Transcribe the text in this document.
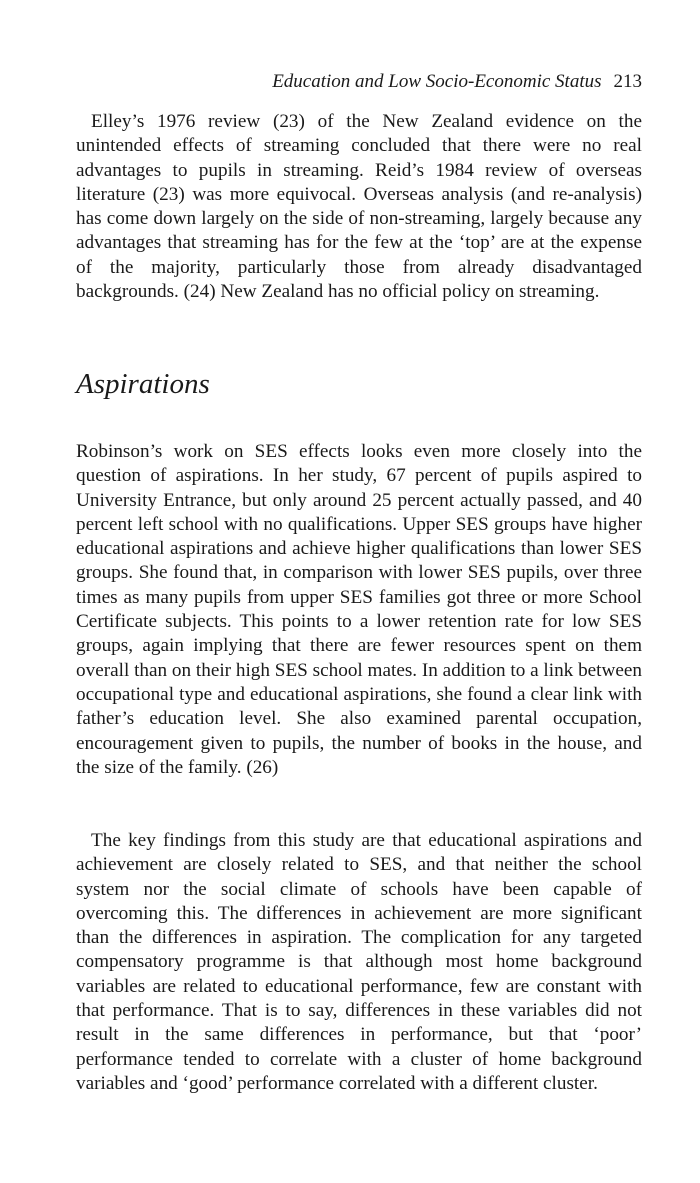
Education and Low Socio-Economic Status 213

Elley’s 1976 review (23) of the New Zealand evidence on the unintended effects of streaming concluded that there were no real advantages to pupils in streaming. Reid’s 1984 review of overseas literature (23) was more equivocal. Overseas analysis (and re-analysis) has come down largely on the side of non-streaming, largely because any advantages that streaming has for the few at the ‘top’ are at the expense of the majority, particularly those from already disadvantaged backgrounds. (24) New Zealand has no official policy on streaming.

Aspirations

Robinson’s work on SES effects looks even more closely into the question of aspirations. In her study, 67 percent of pupils aspired to University Entrance, but only around 25 percent actually passed, and 40 percent left school with no qualifications. Upper SES groups have higher educational aspirations and achieve higher qualifications than lower SES groups. She found that, in comparison with lower SES pupils, over three times as many pupils from upper SES families got three or more School Certificate subjects. This points to a lower retention rate for low SES groups, again implying that there are fewer resources spent on them overall than on their high SES school mates. In addition to a link between occupational type and educational aspirations, she found a clear link with father’s education level. She also examined parental occupation, encouragement given to pupils, the number of books in the house, and the size of the family. (26)

The key findings from this study are that educational aspirations and achievement are closely related to SES, and that neither the school system nor the social climate of schools have been capable of overcoming this. The differences in achievement are more significant than the differences in aspiration. The complication for any targeted compensatory programme is that although most home background variables are related to educational performance, few are constant with that performance. That is to say, differences in these variables did not result in the same differences in performance, but that ‘poor’ performance tended to correlate with a cluster of home background variables and ‘good’ performance correlated with a different cluster.
